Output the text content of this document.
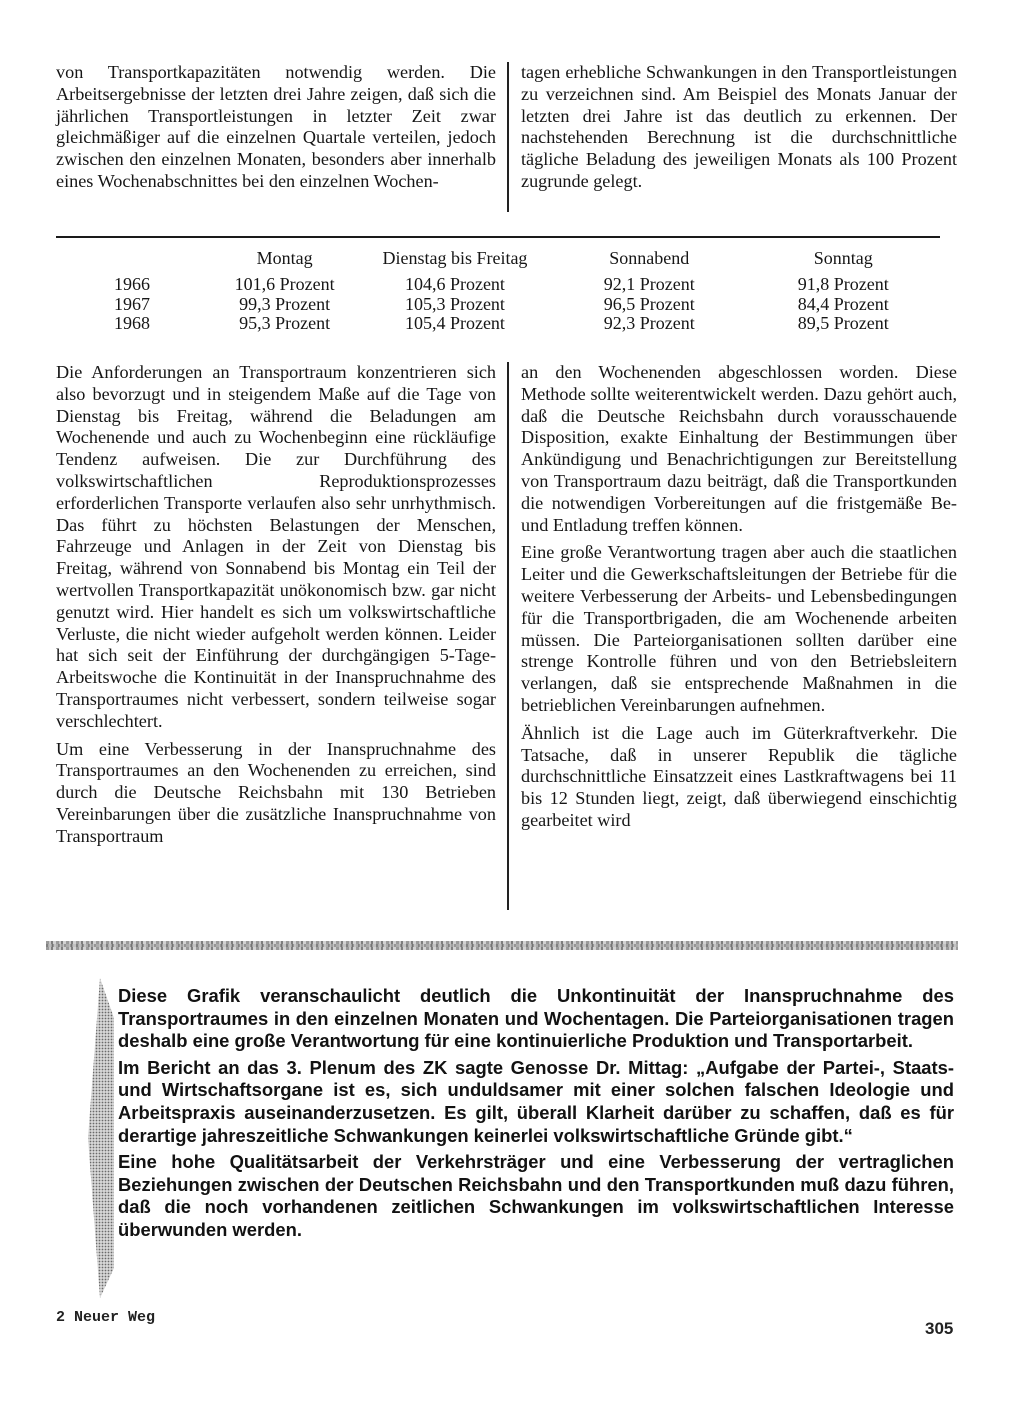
von Transportkapazitäten notwendig werden. Die Arbeitsergebnisse der letzten drei Jahre zeigen, daß sich die jährlichen Transportleistungen in letzter Zeit zwar gleichmäßiger auf die einzelnen Quartale verteilen, jedoch zwischen den einzelnen Monaten, besonders aber innerhalb eines Wochenabschnittes bei den einzelnen Wochen-

tagen erhebliche Schwankungen in den Transportleistungen zu verzeichnen sind. Am Beispiel des Monats Januar der letzten drei Jahre ist das deutlich zu erkennen. Der nachstehenden Berechnung ist die durchschnittliche tägliche Beladung des jeweiligen Monats als 100 Prozent zugrunde gelegt.

	Montag	Dienstag bis Freitag	Sonnabend	Sonntag
1966	101,6 Prozent	104,6 Prozent	92,1 Prozent	91,8 Prozent
1967	99,3 Prozent	105,3 Prozent	96,5 Prozent	84,4 Prozent
1968	95,3 Prozent	105,4 Prozent	92,3 Prozent	89,5 Prozent

Die Anforderungen an Transportraum konzentrieren sich also bevorzugt und in steigendem Maße auf die Tage von Dienstag bis Freitag, während die Beladungen am Wochenende und auch zu Wochenbeginn eine rückläufige Tendenz aufweisen. Die zur Durchführung des volkswirtschaftlichen Reproduktionsprozesses erforderlichen Transporte verlaufen also sehr unrhythmisch. Das führt zu höchsten Belastungen der Menschen, Fahrzeuge und Anlagen in der Zeit von Dienstag bis Freitag, während von Sonnabend bis Montag ein Teil der wertvollen Transportkapazität unökonomisch bzw. gar nicht genutzt wird. Hier handelt es sich um volkswirtschaftliche Verluste, die nicht wieder aufgeholt werden können. Leider hat sich seit der Einführung der durchgängigen 5-Tage-Arbeitswoche die Kontinuität in der Inanspruchnahme des Transportraumes nicht verbessert, sondern teilweise sogar verschlechtert.

Um eine Verbesserung in der Inanspruchnahme des Transportraumes an den Wochenenden zu erreichen, sind durch die Deutsche Reichsbahn mit 130 Betrieben Vereinbarungen über die zusätzliche Inanspruchnahme von Transportraum

an den Wochenenden abgeschlossen worden. Diese Methode sollte weiterentwickelt werden. Dazu gehört auch, daß die Deutsche Reichsbahn durch vorausschauende Disposition, exakte Einhaltung der Bestimmungen über Ankündigung und Benachrichtigungen zur Bereitstellung von Transportraum dazu beiträgt, daß die Transportkunden die notwendigen Vorbereitungen auf die fristgemäße Be- und Entladung treffen können.

Eine große Verantwortung tragen aber auch die staatlichen Leiter und die Gewerkschaftsleitungen der Betriebe für die weitere Verbesserung der Arbeits- und Lebensbedingungen für die Transportbrigaden, die am Wochenende arbeiten müssen. Die Parteiorganisationen sollten darüber eine strenge Kontrolle führen und von den Betriebsleitern verlangen, daß sie entsprechende Maßnahmen in die betrieblichen Vereinbarungen aufnehmen.

Ähnlich ist die Lage auch im Güterkraftverkehr. Die Tatsache, daß in unserer Republik die tägliche durchschnittliche Einsatzzeit eines Lastkraftwagens bei 11 bis 12 Stunden liegt, zeigt, daß überwiegend einschichtig gearbeitet wird

Diese Grafik veranschaulicht deutlich die Unkontinuität der Inanspruchnahme des Transportraumes in den einzelnen Monaten und Wochentagen. Die Parteiorganisationen tragen deshalb eine große Verantwortung für eine kontinuierliche Produktion und Transportarbeit.

Im Bericht an das 3. Plenum des ZK sagte Genosse Dr. Mittag: „Aufgabe der Partei-, Staats- und Wirtschaftsorgane ist es, sich unduldsamer mit einer solchen falschen Ideologie und Arbeitspraxis auseinanderzusetzen. Es gilt, überall Klarheit darüber zu schaffen, daß es für derartige jahreszeitliche Schwankungen keinerlei volkswirtschaftliche Gründe gibt.“

Eine hohe Qualitätsarbeit der Verkehrsträger und eine Verbesserung der vertraglichen Beziehungen zwischen der Deutschen Reichsbahn und den Transportkunden muß dazu führen, daß die noch vorhandenen zeitlichen Schwankungen im volkswirtschaftlichen Interesse überwunden werden.

2 Neuer Weg
305
